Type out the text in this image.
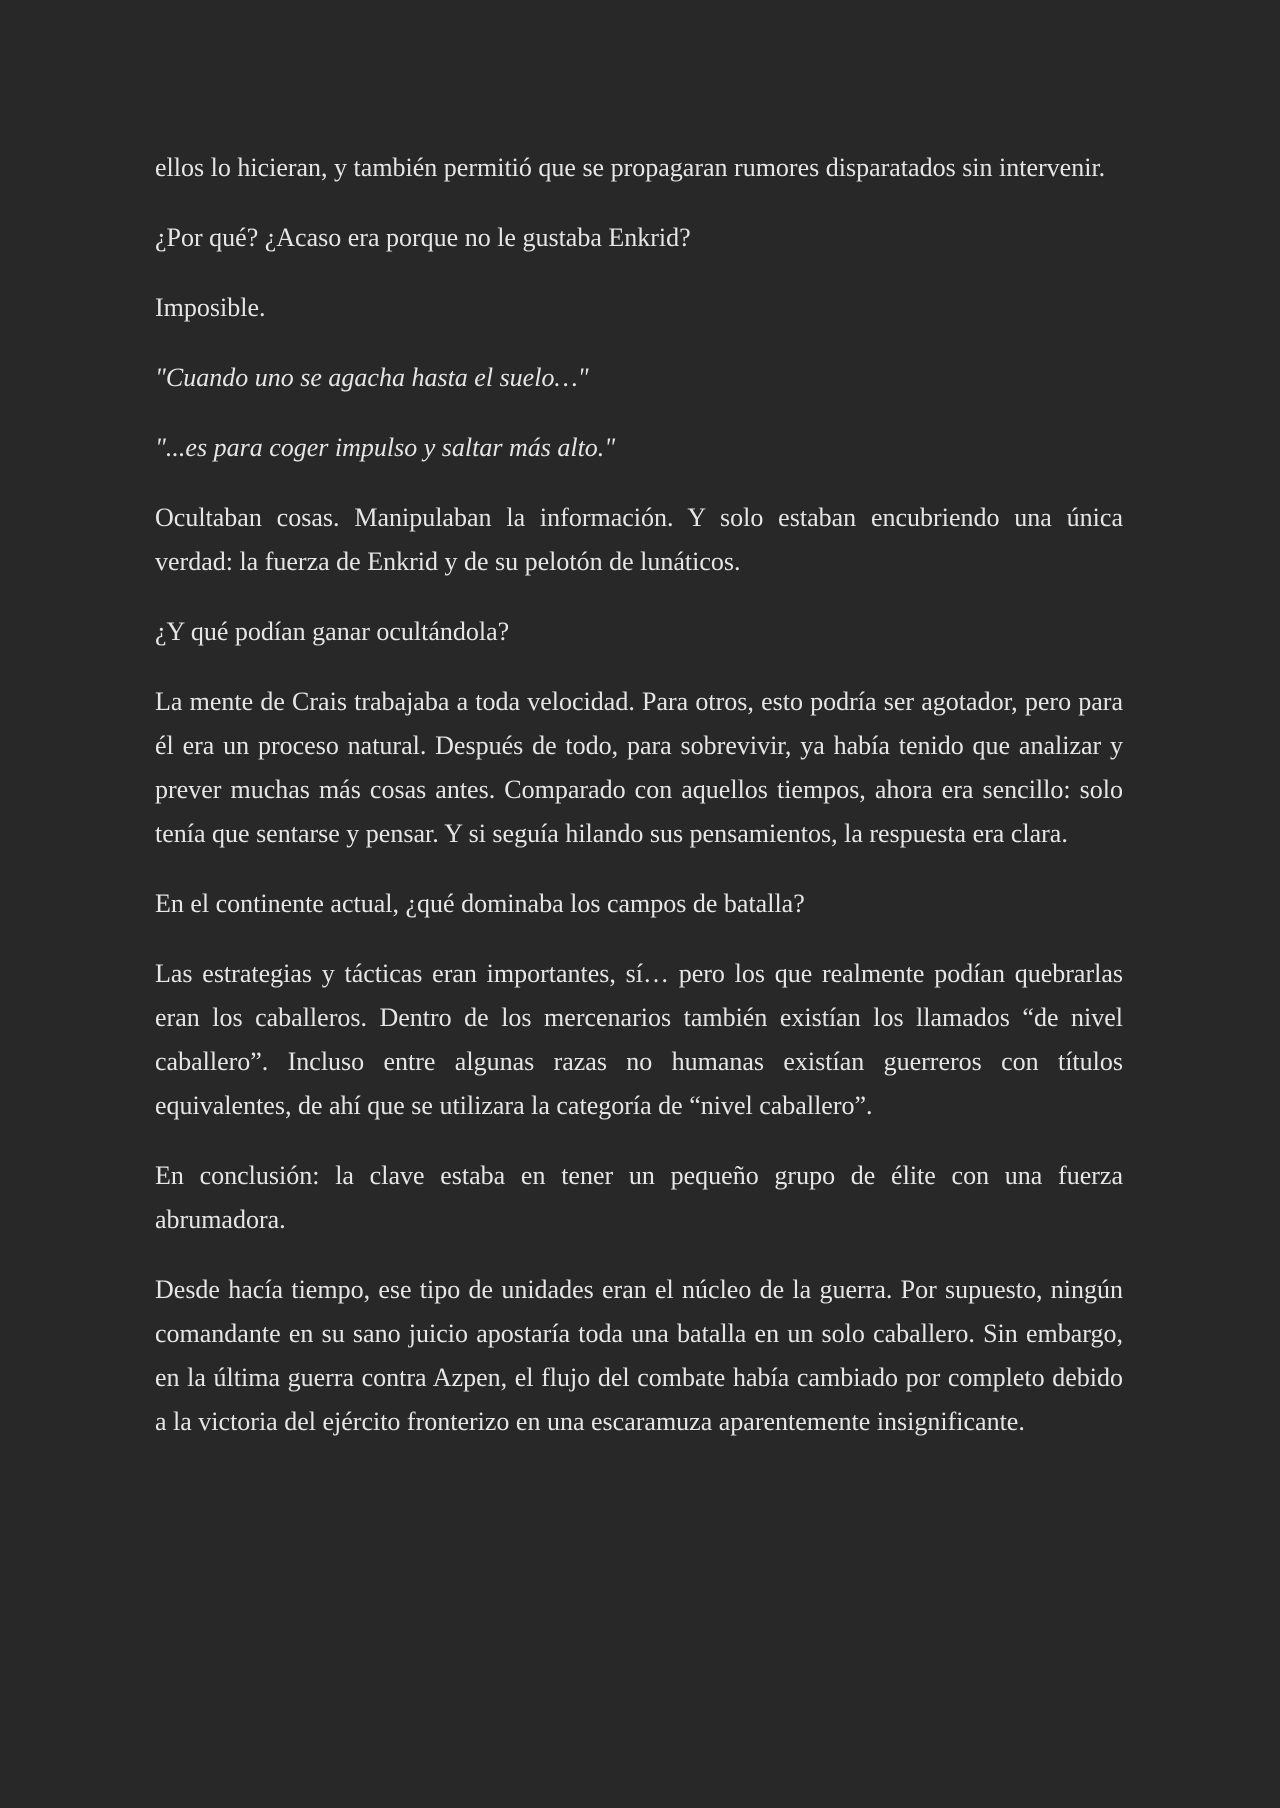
ellos lo hicieran, y también permitió que se propagaran rumores disparatados sin intervenir.

¿Por qué? ¿Acaso era porque no le gustaba Enkrid?

Imposible.

"Cuando uno se agacha hasta el suelo…"

"...es para coger impulso y saltar más alto."

Ocultaban cosas. Manipulaban la información. Y solo estaban encubriendo una única verdad: la fuerza de Enkrid y de su pelotón de lunáticos.

¿Y qué podían ganar ocultándola?

La mente de Crais trabajaba a toda velocidad. Para otros, esto podría ser agotador, pero para él era un proceso natural. Después de todo, para sobrevivir, ya había tenido que analizar y prever muchas más cosas antes. Comparado con aquellos tiempos, ahora era sencillo: solo tenía que sentarse y pensar. Y si seguía hilando sus pensamientos, la respuesta era clara.

En el continente actual, ¿qué dominaba los campos de batalla?

Las estrategias y tácticas eran importantes, sí… pero los que realmente podían quebrarlas eran los caballeros. Dentro de los mercenarios también existían los llamados “de nivel caballero”. Incluso entre algunas razas no humanas existían guerreros con títulos equivalentes, de ahí que se utilizara la categoría de “nivel caballero”.

En conclusión: la clave estaba en tener un pequeño grupo de élite con una fuerza abrumadora.

Desde hacía tiempo, ese tipo de unidades eran el núcleo de la guerra. Por supuesto, ningún comandante en su sano juicio apostaría toda una batalla en un solo caballero. Sin embargo, en la última guerra contra Azpen, el flujo del combate había cambiado por completo debido a la victoria del ejército fronterizo en una escaramuza aparentemente insignificante.
